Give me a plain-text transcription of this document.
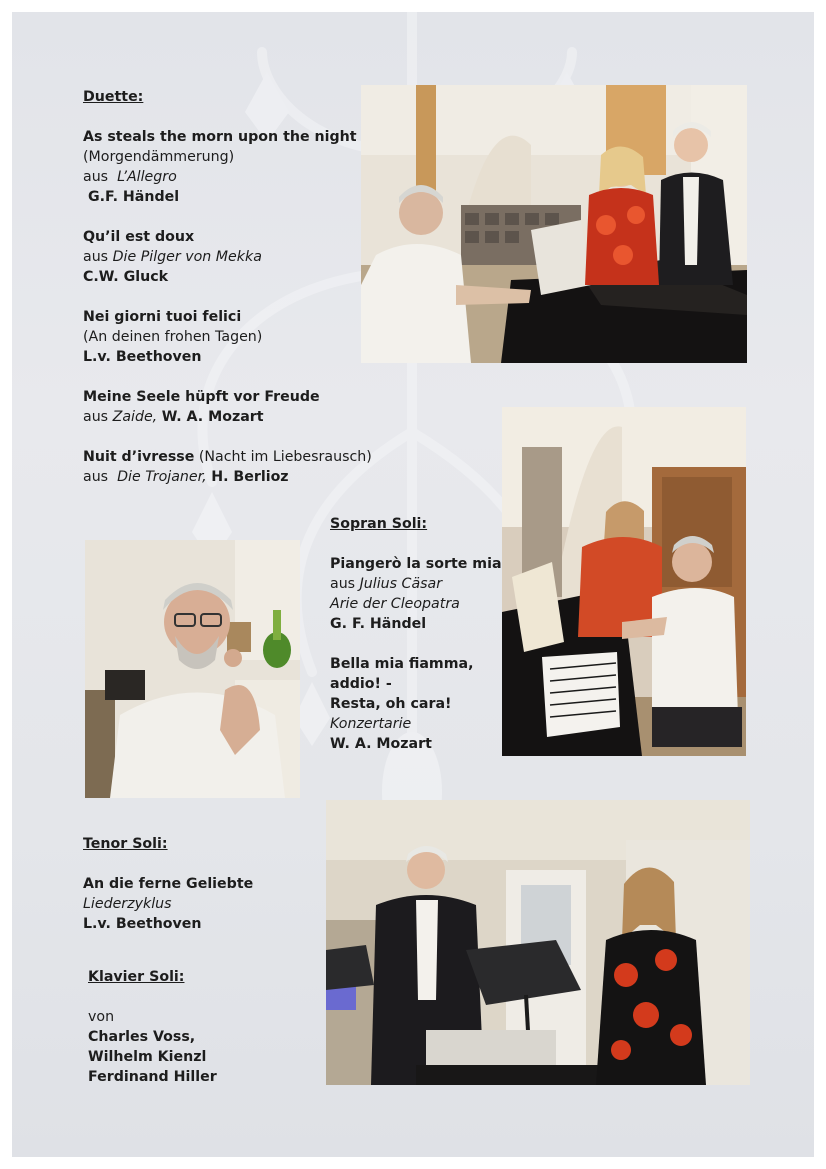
Duette:
As steals the morn upon the night
(Morgendämmerung)
aus L’Allegro
G.F. Händel
Qu’il est doux
aus Die Pilger von Mekka
C.W. Gluck
Nei giorni tuoi felici
(An deinen frohen Tagen)
L.v. Beethoven
Meine Seele hüpft vor Freude
aus Zaide, W. A. Mozart
Nuit d’ivresse (Nacht im Liebesrausch)
aus Die Trojaner, H. Berlioz
Sopran Soli:
Piangerò la sorte mia
aus Julius Cäsar
Arie der Cleopatra
G. F. Händel
Bella mia fiamma,
addio! -
Resta, oh cara!
Konzertarie
W. A. Mozart
Tenor Soli:
An die ferne Geliebte
Liederzyklus
L.v. Beethoven
Klavier Soli:
von
Charles Voss,
Wilhelm Kienzl
Ferdinand Hiller
